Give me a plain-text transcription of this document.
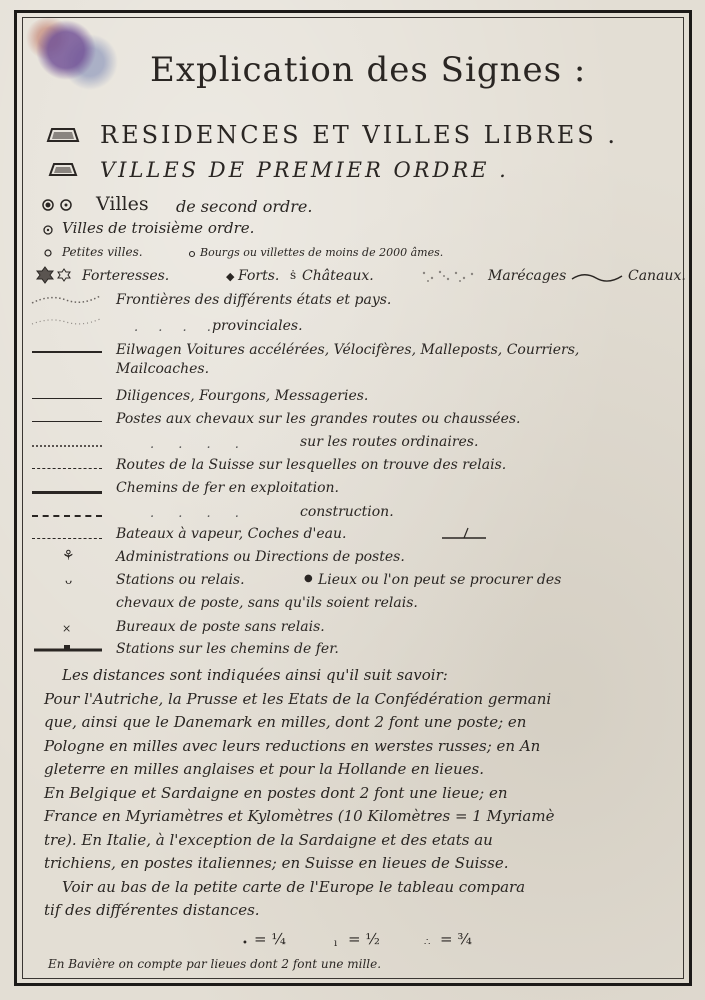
Explication des Signes :
RESIDENCES ET VILLES LIBRES .
VILLES DE PREMIER ORDRE .
Villes de second ordre.
Villes de troisième ordre.
Petites villes.	Bourgs ou villettes de moins de 2000 âmes.
Forteresses.	◆ Forts. ṡ Châteaux.	Marécages	Canaux.
Frontières des différents états et pays.
. . . .
provinciales.
Eilwagen Voitures accélérées, Vélocifères, Malleposts, Courriers,
Mailcoaches.
Diligences, Fourgons, Messageries.
Postes aux chevaux sur les grandes routes ou chaussées.
. . . .	sur les routes ordinaires.
Routes de la Suisse sur lesquelles on trouve des relais.
Chemins de fer en exploitation.
. . . .	construction.
Bateaux à vapeur, Coches d'eau.
⚘	Administrations ou Directions de postes.
ᴗ	Stations ou relais.	● Lieux ou l'on peut se procurer des
chevaux de poste, sans qu'ils soient relais.
×	Bureaux de poste sans relais.
Stations sur les chemins de fer.

Les distances sont indiquées ainsi qu'il suit savoir:

Pour l'Autriche, la Prusse et les Etats de la Confédération germani

que, ainsi que le Danemark en milles, dont 2 font une poste; en

Pologne en milles avec leurs reductions en werstes russes; en An

gleterre en milles anglaises et pour la Hollande en lieues.

En Belgique et Sardaigne en postes dont 2 font une lieue; en

France en Myriamètres et Kylomètres (10 Kilomètres = 1 Myriamè

tre). En Italie, à l'exception de la Sardaigne et des etats au

trichiens, en postes italiennes; en Suisse en lieues de Suisse.

Voir au bas de la petite carte de l'Europe le tableau compara

tif des différentes distances.

• = ¼	ı = ½	∴ = ¾
En Bavière on compte par lieues dont 2 font une mille.
